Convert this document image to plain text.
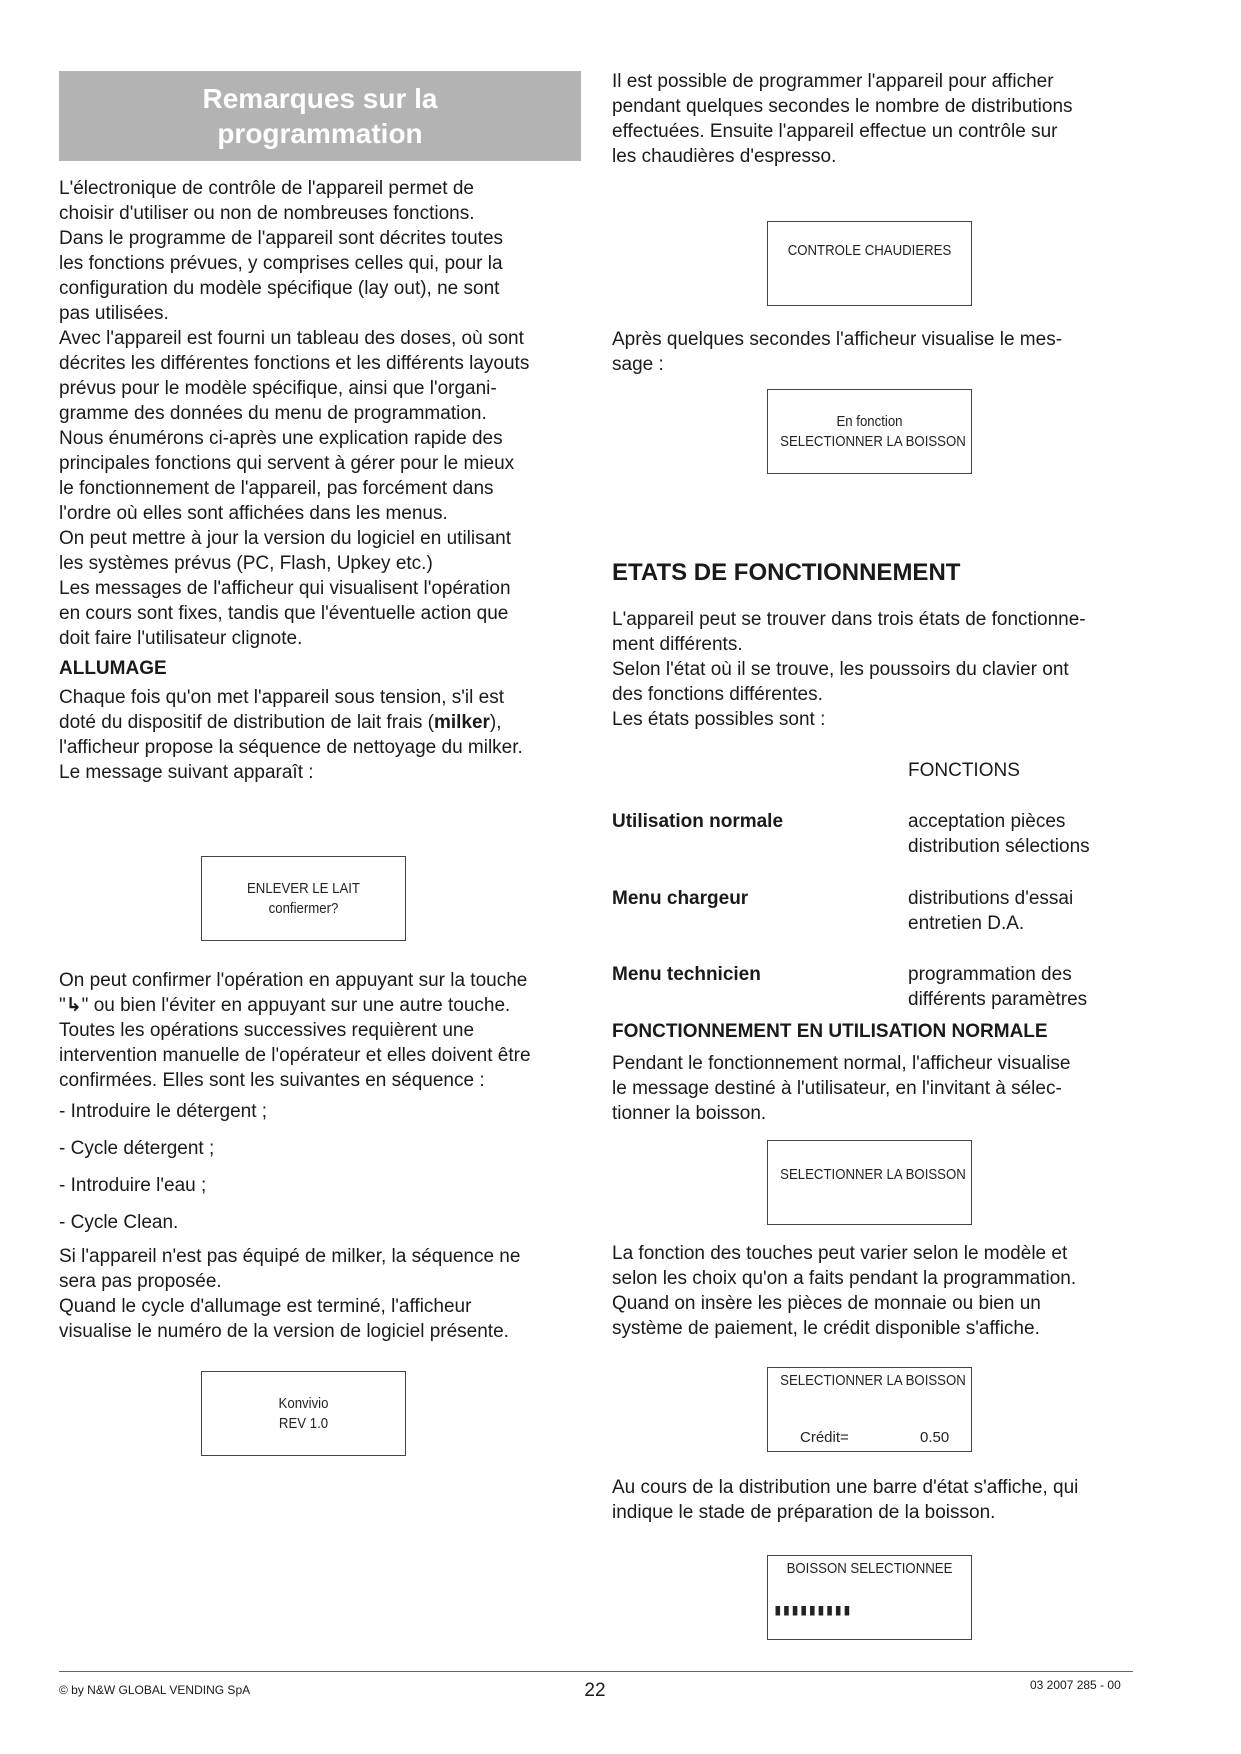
Remarques sur la
programmation
L'électronique de contrôle de l'appareil permet de
choisir d'utiliser ou non de nombreuses fonctions.
Dans le programme de l'appareil sont décrites toutes
les fonctions prévues, y comprises celles qui, pour la
configuration du modèle spécifique (lay out), ne sont
pas utilisées.
Avec l'appareil est fourni un tableau des doses, où sont
décrites les différentes fonctions et les différents layouts
prévus pour le modèle spécifique, ainsi que l'organi-
gramme des données du menu de programmation.
Nous énumérons ci-après une explication rapide des
principales fonctions qui servent à gérer pour le mieux
le fonctionnement de l'appareil, pas forcément dans
l'ordre où elles sont affichées dans les menus.
On peut mettre à jour la version du logiciel en utilisant
les systèmes prévus (PC, Flash, Upkey etc.)
Les messages de l'afficheur qui visualisent l'opération
en cours sont fixes, tandis que l'éventuelle action que
doit faire l'utilisateur clignote.
ALLUMAGE
Chaque fois qu'on met l'appareil sous tension, s'il est
doté du dispositif de distribution de lait frais (milker),
l'afficheur propose la séquence de nettoyage du milker.
Le message suivant apparaît :
ENLEVER LE LAIT
confiermer?
On peut confirmer l'opération en appuyant sur la touche
"↳" ou bien l'éviter en appuyant sur une autre touche.
Toutes les opérations successives requièrent une
intervention manuelle de l'opérateur et elles doivent être
confirmées. Elles sont les suivantes en séquence :
- Introduire le détergent ;
- Cycle détergent ;
- Introduire l'eau ;
- Cycle Clean.
Si l'appareil n'est pas équipé de milker, la séquence ne
sera pas proposée.
Quand le cycle d'allumage est terminé, l'afficheur
visualise le numéro de la version de logiciel présente.
Konvivio
REV 1.0
Il est possible de programmer l'appareil pour afficher
pendant quelques secondes le nombre de distributions
effectuées. Ensuite l'appareil effectue un contrôle sur
les chaudières d'espresso.
CONTROLE CHAUDIERES
Après quelques secondes l'afficheur visualise le mes-
sage :
En fonction
SELECTIONNER LA BOISSON
ETATS DE FONCTIONNEMENT
L'appareil peut se trouver dans trois états de fonctionne-
ment différents.
Selon l'état où il se trouve, les poussoirs du clavier ont
des fonctions différentes.
Les états possibles sont :
FONCTIONS
Utilisation normale	acceptation pièces
distribution sélections
Menu chargeur	distributions d'essai
entretien D.A.
Menu technicien	programmation des
différents paramètres
FONCTIONNEMENT EN UTILISATION NORMALE
Pendant le fonctionnement normal, l'afficheur visualise
le message destiné à l'utilisateur, en l'invitant à sélec-
tionner la boisson.
SELECTIONNER LA BOISSON
La fonction des touches peut varier selon le modèle et
selon les choix qu'on a faits pendant la programmation.
Quand on insère les pièces de monnaie ou bien un
système de paiement, le crédit disponible s'affiche.
SELECTIONNER LA BOISSON
Crédit=	0.50
Au cours de la distribution une barre d'état s'affiche, qui
indique le stade de préparation de la boisson.
BOISSON SELECTIONNEE
▮▮▮▮▮▮▮▮▮
© by N&W GLOBAL VENDING SpA	22	03 2007 285 - 00
